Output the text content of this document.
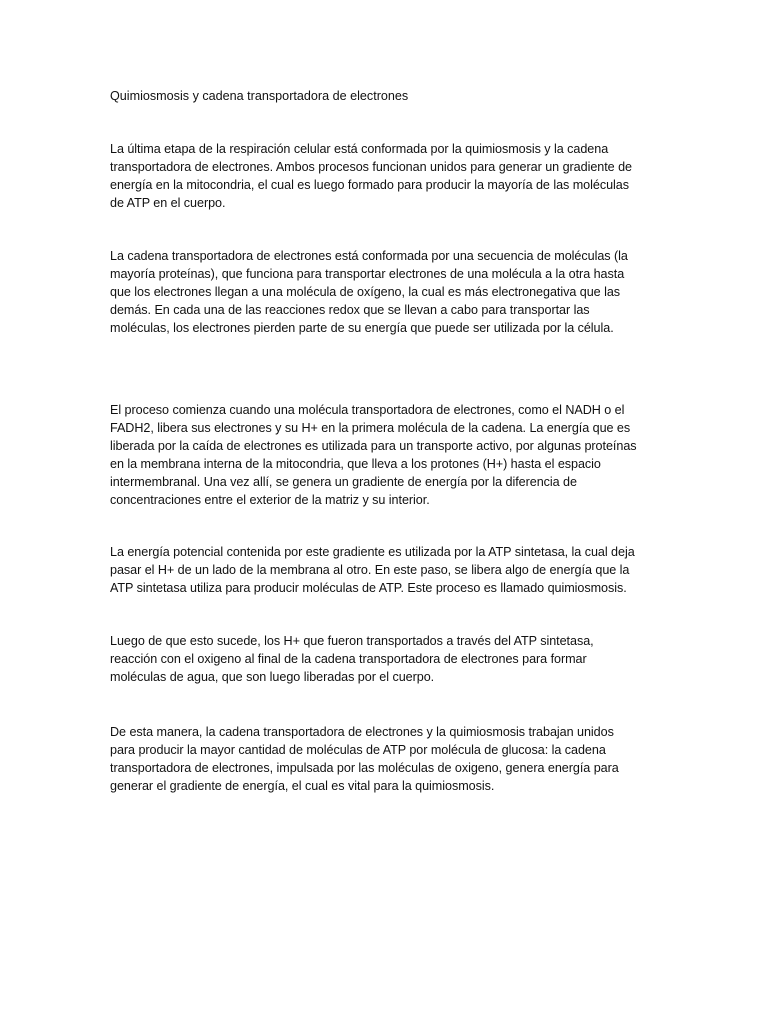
Quimiosmosis y cadena transportadora de electrones

La última etapa de la respiración celular está conformada por la quimiosmosis y la cadena
transportadora de electrones. Ambos procesos funcionan unidos para generar un gradiente de
energía en la mitocondria, el cual es luego formado para producir la mayoría de las moléculas
de ATP en el cuerpo.

La cadena transportadora de electrones está conformada por una secuencia de moléculas (la
mayoría proteínas), que funciona para transportar electrones de una molécula a la otra hasta
que los electrones llegan a una molécula de oxígeno, la cual es más electronegativa que las
demás. En cada una de las reacciones redox que se llevan a cabo para transportar las
moléculas, los electrones pierden parte de su energía que puede ser utilizada por la célula.

El proceso comienza cuando una molécula transportadora de electrones, como el NADH o el
FADH2, libera sus electrones y su H+ en la primera molécula de la cadena. La energía que es
liberada por la caída de electrones es utilizada para un transporte activo, por algunas proteínas
en la membrana interna de la mitocondria, que lleva a los protones (H+) hasta el espacio
intermembranal. Una vez allí, se genera un gradiente de energía por la diferencia de
concentraciones entre el exterior de la matriz y su interior.

La energía potencial contenida por este gradiente es utilizada por la ATP sintetasa, la cual deja
pasar el H+ de un lado de la membrana al otro. En este paso, se libera algo de energía que la
ATP sintetasa utiliza para producir moléculas de ATP. Este proceso es llamado quimiosmosis.

Luego de que esto sucede, los H+ que fueron transportados a través del ATP sintetasa,
reacción con el oxigeno al final de la cadena transportadora de electrones para formar
moléculas de agua, que son luego liberadas por el cuerpo.

De esta manera, la cadena transportadora de electrones y la quimiosmosis trabajan unidos
para producir la mayor cantidad de moléculas de ATP por molécula de glucosa: la cadena
transportadora de electrones, impulsada por las moléculas de oxigeno, genera energía para
generar el gradiente de energía, el cual es vital para la quimiosmosis.
